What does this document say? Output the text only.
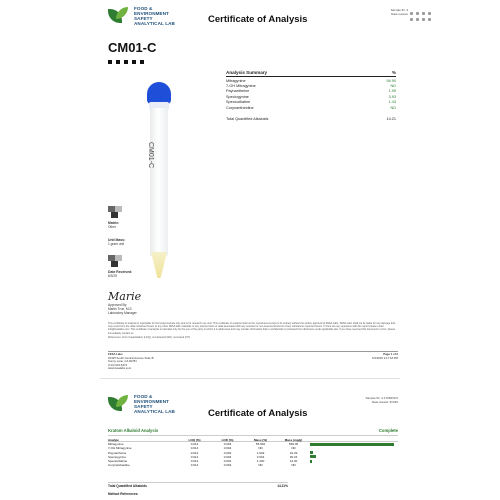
FOOD &
ENVIRONMENT
SAFETY
ANALYTICAL LAB	Certificate of Analysis
Sample ID: 4
Date receive
CM01-C
CM01-C
Analysis Summary	%
Mitragynine	56.90
7-OH Mitragynine	ND
Paynantheine	1.95
Speciogynine	3.93
Speciociliatine	1.43
Corynantheidine	ND
Total Quantified Alkaloids	14.21
Matrix:
Other
Unit Mass:
1 gram unit
Date Received:
6/3/25
Marie
Approved By:
Martin True, M.S.
Laboratory Manager
This certificate of analysis is reportable for the tested sample only and is for research use only. This certificate of analysis shall not be reproduced except in its entirety without the written approval of FESA Labs. FESA Labs shall not be liable for any damage that may result from the data contained herein or any other FESA labs materials or any referred tests or data associated with any selected or non-selected amounts of any substances reported herein. If there are any questions with this report please email info@fesalabs.com. This certificate of analysis is intended only for the use of the party to whom it is addressed and may contain information that is confidential or protected from disclosure under applicable law. If you have received this document in error, please immediately contact us.
References: limit of quantitation (LOQ), not detected (ND), not tested (NT)
FESA Labs
22425 South Central Avenue Suite B
Sunny Lane, CA 92781
(714) 624-6472
www.fesalabs.com
Page 1 of 2
6/4/2025 2:17:18 PM
FOOD &
ENVIRONMENT
SAFETY
ANALYTICAL LAB	Certificate of Analysis
Sample ID: 4-1705030.5
Date Issued: 6/4/25
Kratom Alkaloid Analysis	Complete
Analyte	LOQ (%)	LOD (%)	Mass (%)	Mass (mg/g)
Mitragynine	0.014	0.004	56.904	569.06
7-OH Mitragynine	0.014	0.004	ND	ND
Paynantheine	0.012	0.004	1.949	19.49
Speciogynine	0.014	0.004	3.934	39.34
Speciociliatine	0.014	0.004	1.430	14.30
Corynantheidine	0.014	0.004	ND	ND
Total Quantified Alkaloids	14.21%
Method References:
